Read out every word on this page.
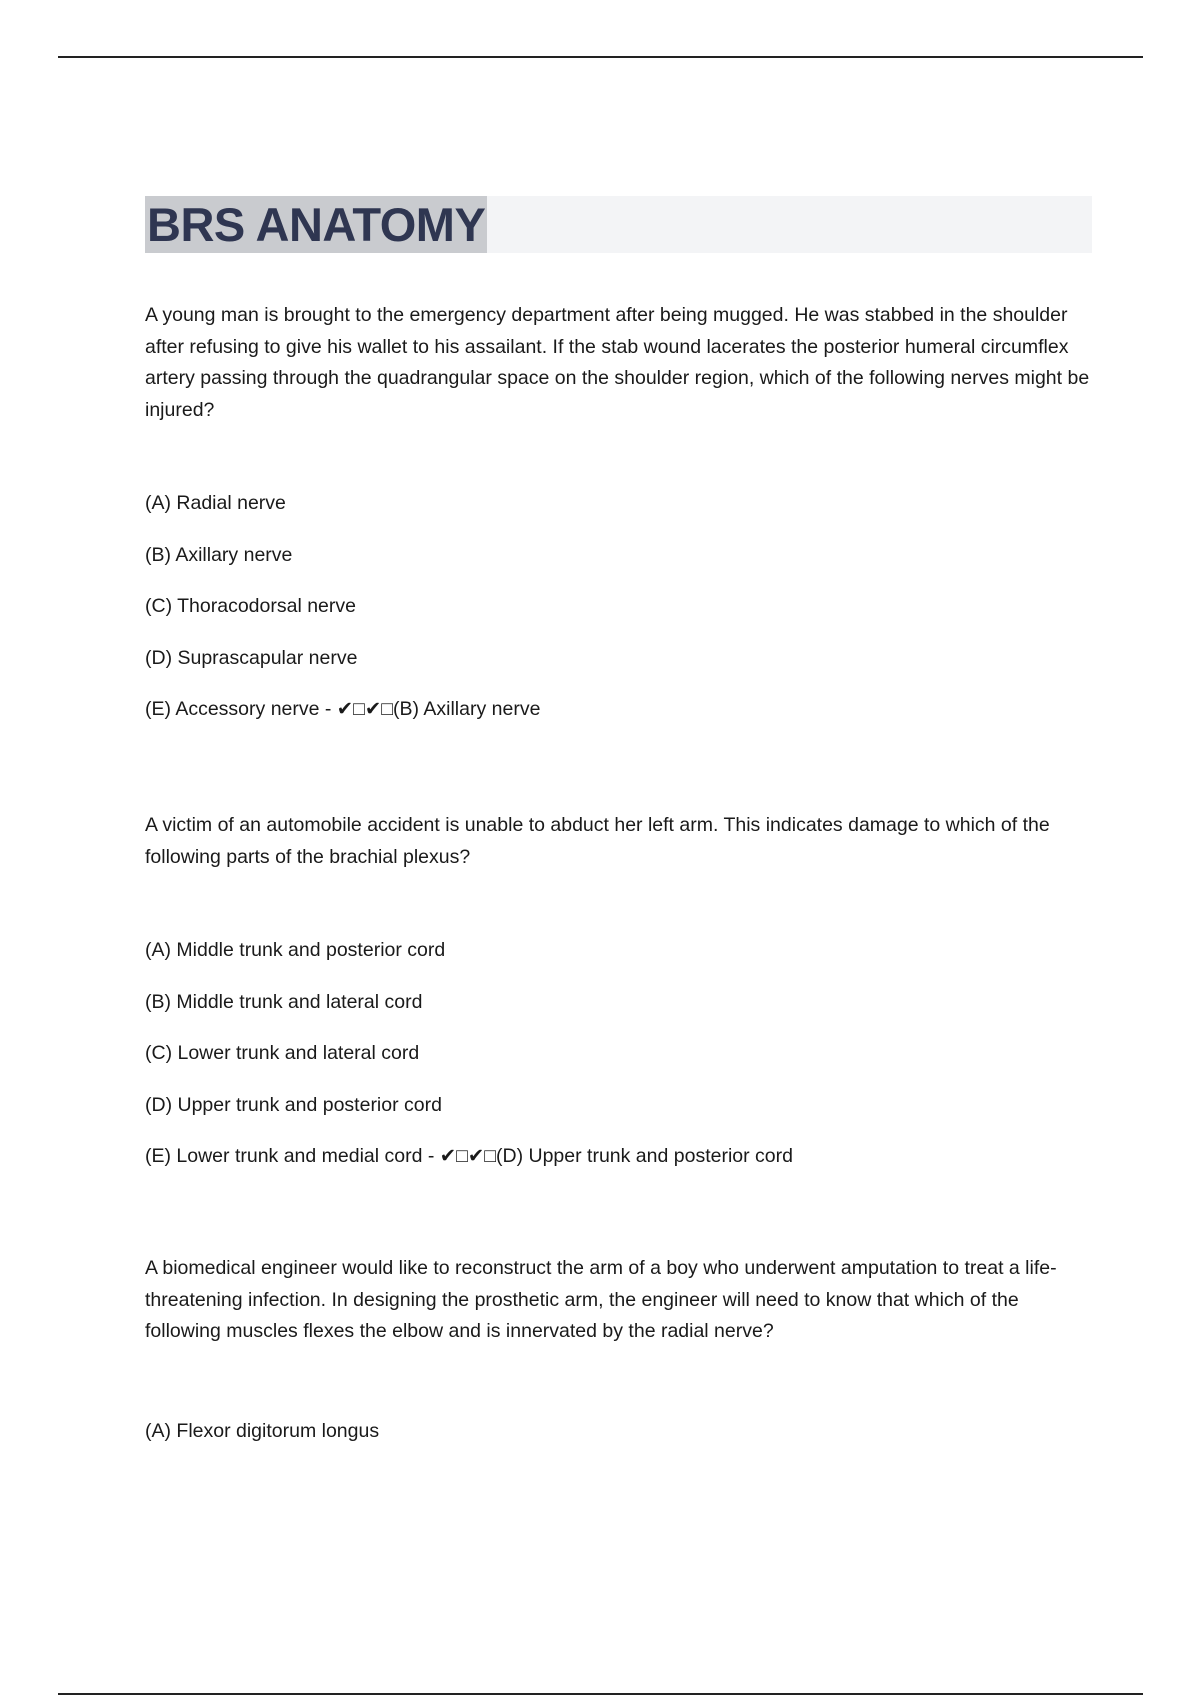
BRS ANATOMY

A young man is brought to the emergency department after being mugged. He was stabbed in the shoulder after refusing to give his wallet to his assailant. If the stab wound lacerates the posterior humeral circumflex artery passing through the quadrangular space on the shoulder region, which of the following nerves might be injured?

(A) Radial nerve
(B) Axillary nerve
(C) Thoracodorsal nerve
(D) Suprascapular nerve
(E) Accessory nerve - ✔□✔□(B) Axillary nerve

A victim of an automobile accident is unable to abduct her left arm. This indicates damage to which of the following parts of the brachial plexus?

(A) Middle trunk and posterior cord
(B) Middle trunk and lateral cord
(C) Lower trunk and lateral cord
(D) Upper trunk and posterior cord
(E) Lower trunk and medial cord - ✔□✔□(D) Upper trunk and posterior cord

A biomedical engineer would like to reconstruct the arm of a boy who underwent amputation to treat a life-threatening infection. In designing the prosthetic arm, the engineer will need to know that which of the following muscles flexes the elbow and is innervated by the radial nerve?

(A) Flexor digitorum longus
